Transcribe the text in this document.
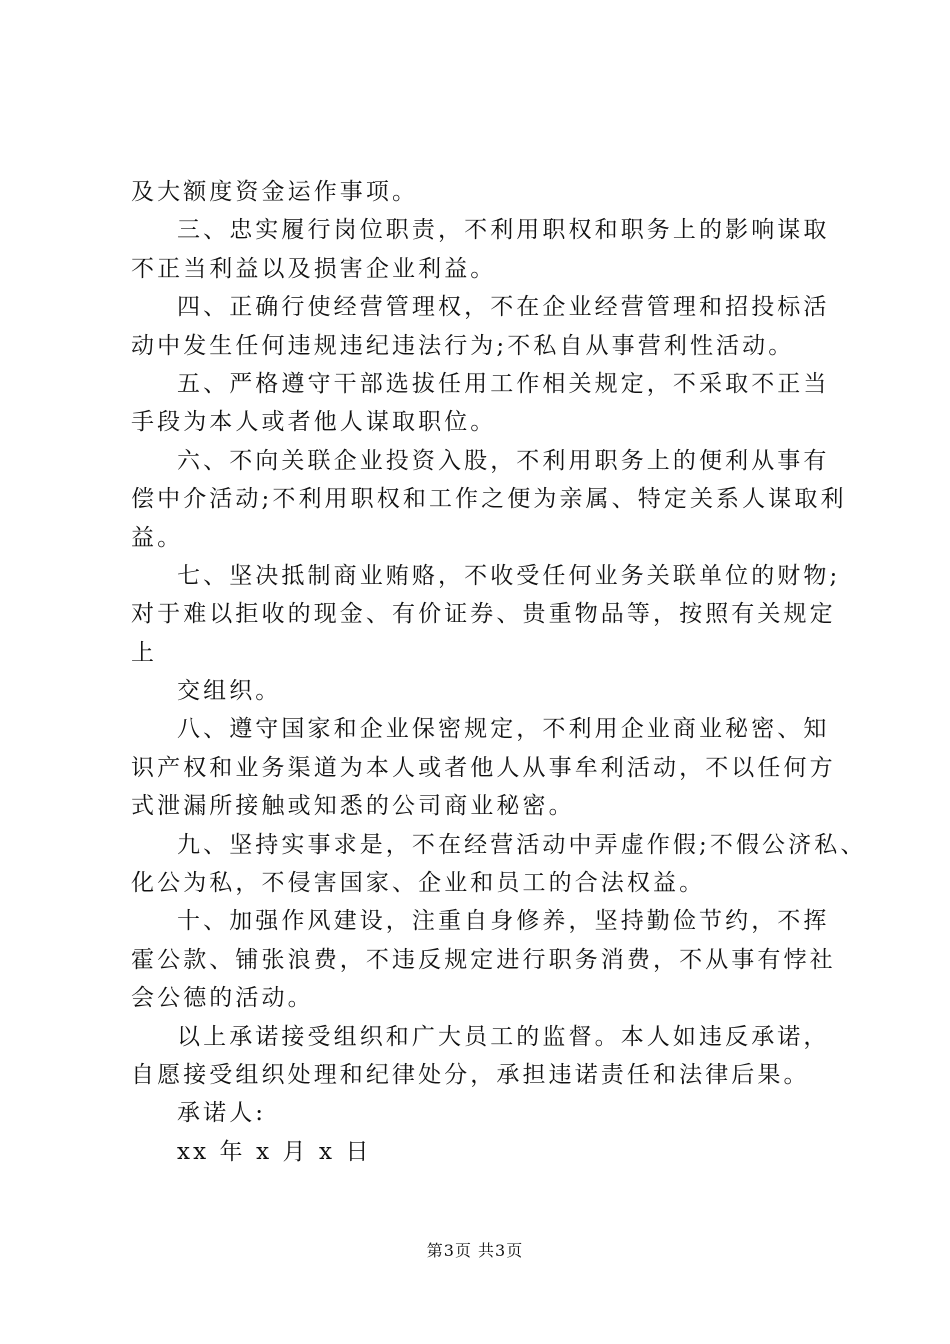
及大额度资金运作事项。
三、忠实履行岗位职责，不利用职权和职务上的影响谋取
不正当利益以及损害企业利益。
四、正确行使经营管理权，不在企业经营管理和招投标活
动中发生任何违规违纪违法行为;不私自从事营利性活动。
五、严格遵守干部选拔任用工作相关规定，不采取不正当
手段为本人或者他人谋取职位。
六、不向关联企业投资入股，不利用职务上的便利从事有
偿中介活动;不利用职权和工作之便为亲属、特定关系人谋取利
益。
七、坚决抵制商业贿赂，不收受任何业务关联单位的财物;
对于难以拒收的现金、有价证券、贵重物品等，按照有关规定
上
交组织。
八、遵守国家和企业保密规定，不利用企业商业秘密、知
识产权和业务渠道为本人或者他人从事牟利活动，不以任何方
式泄漏所接触或知悉的公司商业秘密。
九、坚持实事求是，不在经营活动中弄虚作假;不假公济私、
化公为私，不侵害国家、企业和员工的合法权益。
十、加强作风建设，注重自身修养，坚持勤俭节约，不挥
霍公款、铺张浪费，不违反规定进行职务消费，不从事有悖社
会公德的活动。
以上承诺接受组织和广大员工的监督。本人如违反承诺，
自愿接受组织处理和纪律处分，承担违诺责任和法律后果。
承诺人:
xx 年 x 月 x 日
第3页 共3页
